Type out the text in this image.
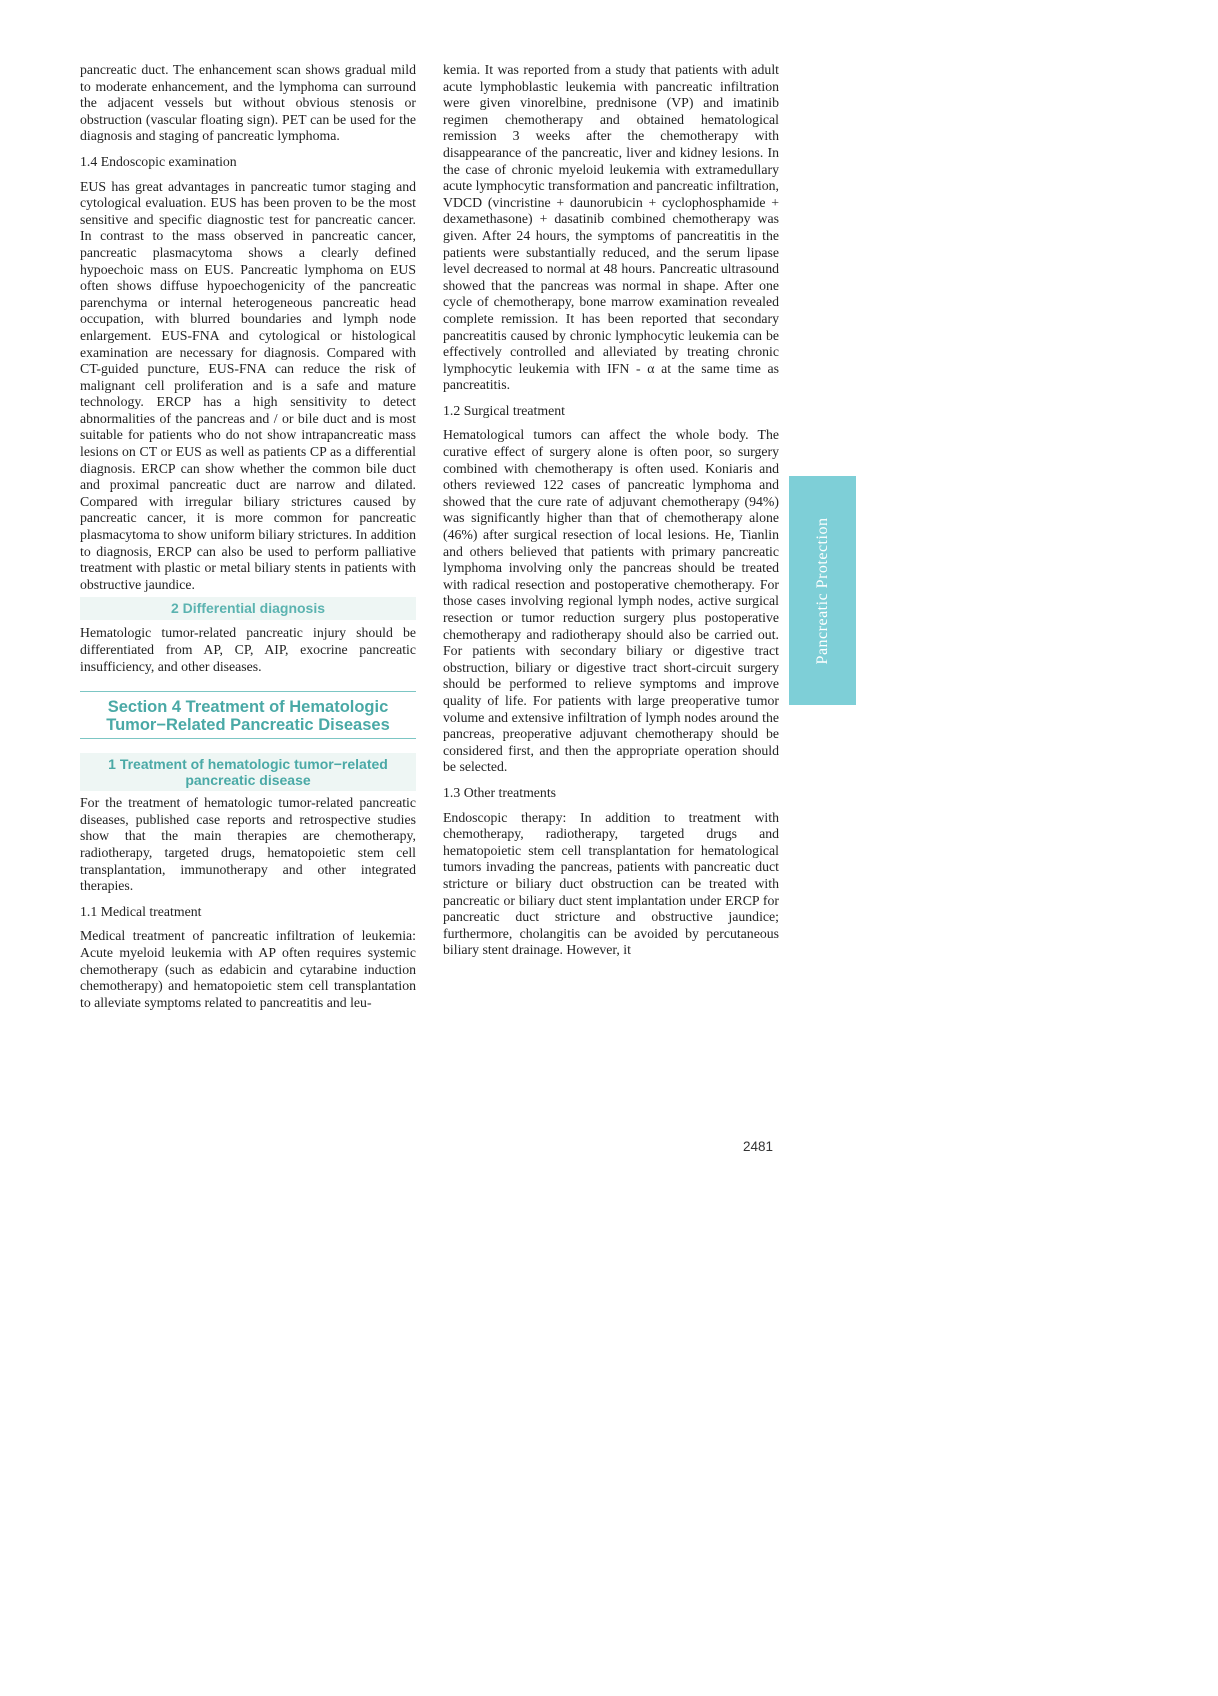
pancreatic duct. The enhancement scan shows gradual mild to moderate enhancement, and the lymphoma can surround the adjacent vessels but without obvious stenosis or obstruction (vascular floating sign). PET can be used for the diagnosis and staging of pancreatic lymphoma.

1.4 Endoscopic examination

EUS has great advantages in pancreatic tumor staging and cytological evaluation. EUS has been proven to be the most sensitive and specific diagnostic test for pancreatic cancer. In contrast to the mass observed in pancreatic cancer, pancreatic plasmacytoma shows a clearly defined hypoechoic mass on EUS. Pancreatic lymphoma on EUS often shows diffuse hypoechogenicity of the pancreatic parenchyma or internal heterogeneous pancreatic head occupation, with blurred boundaries and lymph node enlargement. EUS-FNA and cytological or histological examination are necessary for diagnosis. Compared with CT-guided puncture, EUS-FNA can reduce the risk of malignant cell proliferation and is a safe and mature technology. ERCP has a high sensitivity to detect abnormalities of the pancreas and / or bile duct and is most suitable for patients who do not show intrapancreatic mass lesions on CT or EUS as well as patients CP as a differential diagnosis. ERCP can show whether the common bile duct and proximal pancreatic duct are narrow and dilated. Compared with irregular biliary strictures caused by pancreatic cancer, it is more common for pancreatic plasmacytoma to show uniform biliary strictures. In addition to diagnosis, ERCP can also be used to perform palliative treatment with plastic or metal biliary stents in patients with obstructive jaundice.

2 Differential diagnosis

Hematologic tumor-related pancreatic injury should be differentiated from AP, CP, AIP, exocrine pancreatic insufficiency, and other diseases.

Section 4 Treatment of Hematologic Tumor−Related Pancreatic Diseases
1 Treatment of hematologic tumor−related pancreatic disease

For the treatment of hematologic tumor-related pancreatic diseases, published case reports and retrospective studies show that the main therapies are chemotherapy, radiotherapy, targeted drugs, hematopoietic stem cell transplantation, immunotherapy and other integrated therapies.

1.1 Medical treatment

Medical treatment of pancreatic infiltration of leukemia: Acute myeloid leukemia with AP often requires systemic chemotherapy (such as edabicin and cytarabine induction chemotherapy) and hematopoietic stem cell transplantation to alleviate symptoms related to pancreatitis and leu-

kemia. It was reported from a study that patients with adult acute lymphoblastic leukemia with pancreatic infiltration were given vinorelbine, prednisone (VP) and imatinib regimen chemotherapy and obtained hematological remission 3 weeks after the chemotherapy with disappearance of the pancreatic, liver and kidney lesions. In the case of chronic myeloid leukemia with extramedullary acute lymphocytic transformation and pancreatic infiltration, VDCD (vincristine + daunorubicin + cyclophosphamide + dexamethasone) + dasatinib combined chemotherapy was given. After 24 hours, the symptoms of pancreatitis in the patients were substantially reduced, and the serum lipase level decreased to normal at 48 hours. Pancreatic ultrasound showed that the pancreas was normal in shape. After one cycle of chemotherapy, bone marrow examination revealed complete remission. It has been reported that secondary pancreatitis caused by chronic lymphocytic leukemia can be effectively controlled and alleviated by treating chronic lymphocytic leukemia with IFN - α at the same time as pancreatitis.

1.2 Surgical treatment

Hematological tumors can affect the whole body. The curative effect of surgery alone is often poor, so surgery combined with chemotherapy is often used. Koniaris and others reviewed 122 cases of pancreatic lymphoma and showed that the cure rate of adjuvant chemotherapy (94%) was significantly higher than that of chemotherapy alone (46%) after surgical resection of local lesions. He, Tianlin and others believed that patients with primary pancreatic lymphoma involving only the pancreas should be treated with radical resection and postoperative chemotherapy. For those cases involving regional lymph nodes, active surgical resection or tumor reduction surgery plus postoperative chemotherapy and radiotherapy should also be carried out. For patients with secondary biliary or digestive tract obstruction, biliary or digestive tract short-circuit surgery should be performed to relieve symptoms and improve quality of life. For patients with large preoperative tumor volume and extensive infiltration of lymph nodes around the pancreas, preoperative adjuvant chemotherapy should be considered first, and then the appropriate operation should be selected.

1.3 Other treatments

Endoscopic therapy: In addition to treatment with chemotherapy, radiotherapy, targeted drugs and hematopoietic stem cell transplantation for hematological tumors invading the pancreas, patients with pancreatic duct stricture or biliary duct obstruction can be treated with pancreatic or biliary duct stent implantation under ERCP for pancreatic duct stricture and obstructive jaundice; furthermore, cholangitis can be avoided by percutaneous biliary stent drainage. However, it

Pancreatic Protection
2481
